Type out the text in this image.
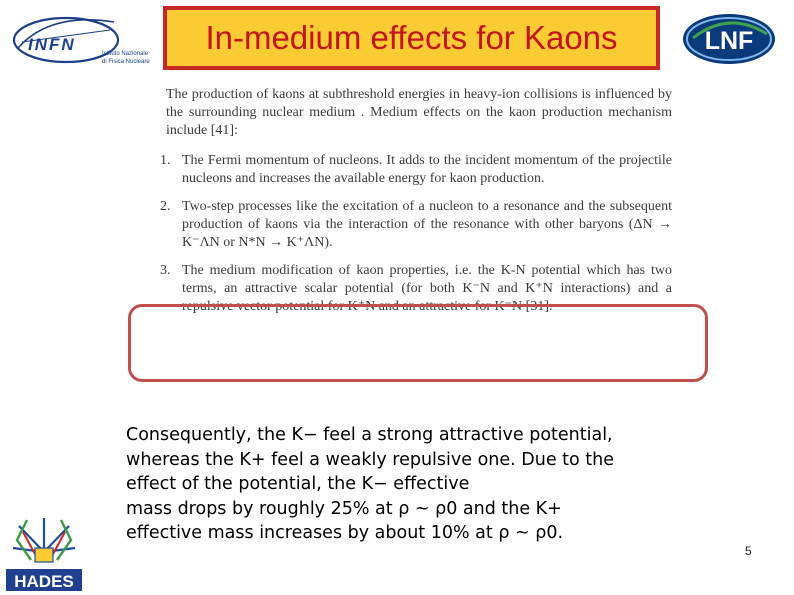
INFN	Istituto Nazionale
di Fisica Nucleare
In-medium effects for Kaons	LNF

The production of kaons at subthreshold energies in heavy-ion collisions is influenced by the surrounding nuclear medium . Medium effects on the kaon production mechanism include [41]:

1. The Fermi momentum of nucleons. It adds to the incident momentum of the projectile nucleons and increases the available energy for kaon production.
2. Two-step processes like the excitation of a nucleon to a resonance and the subsequent production of kaons via the interaction of the resonance with other baryons (ΔN → K⁻ΛN or N*N → K⁺ΛN).
3. The medium modification of kaon properties, i.e. the K-N potential which has two terms, an attractive scalar potential (for both K⁻N and K⁺N interactions) and a repulsive vector potential for K⁺N and an attractive for K⁻N [31].
Consequently, the K− feel a strong attractive potential,
whereas the K+ feel a weakly repulsive one. Due to the
effect of the potential, the K− effective
mass drops by roughly 25% at ρ ~ ρ0 and the K+
effective mass increases by about 10% at ρ ~ ρ0.
HADES
5
